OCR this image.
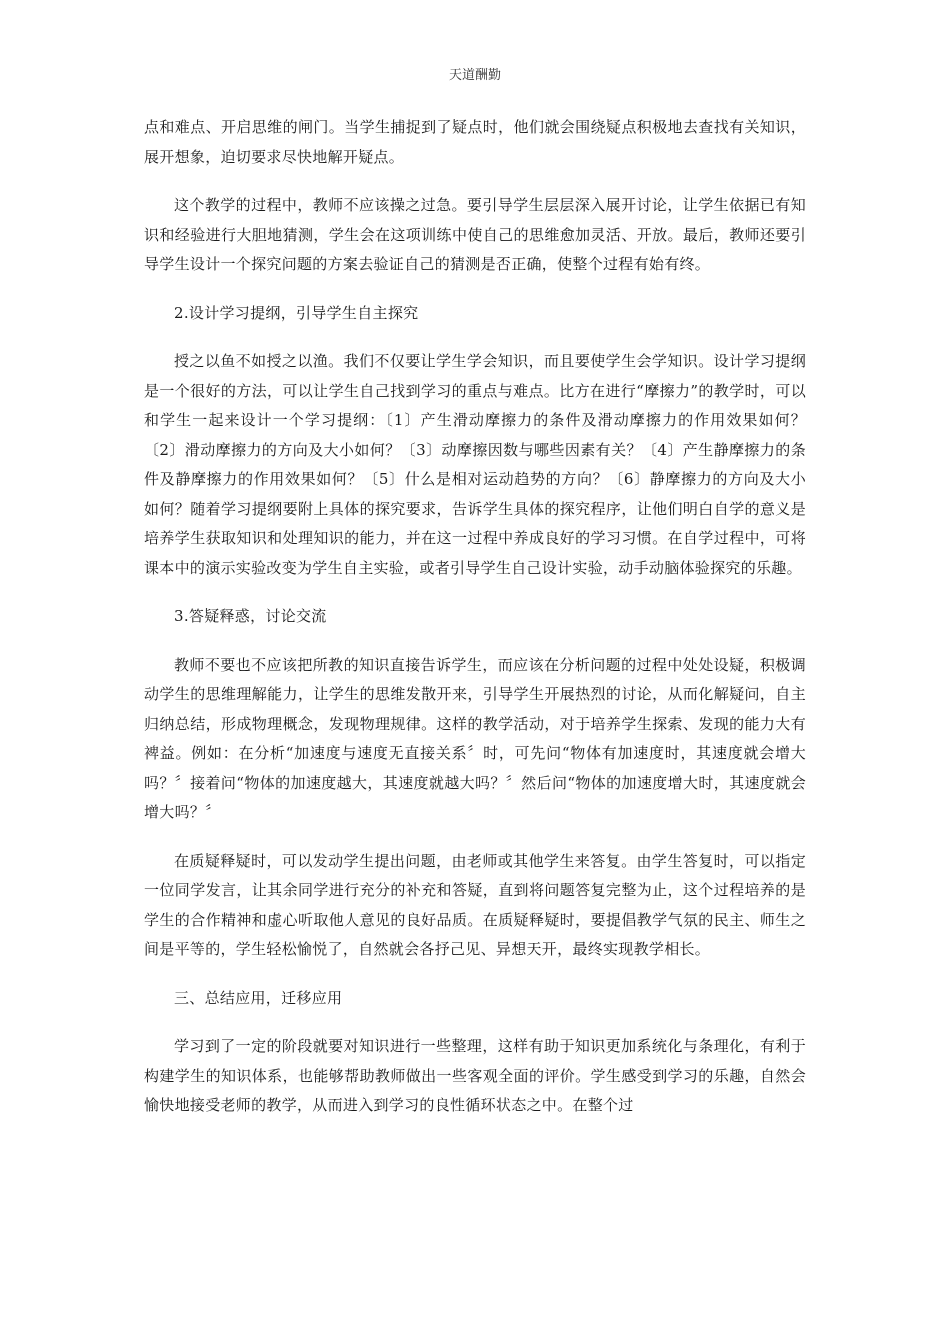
天道酬勤

点和难点、开启思维的闸门。当学生捕捉到了疑点时，他们就会围绕疑点积极地去查找有关知识，展开想象，迫切要求尽快地解开疑点。

这个教学的过程中，教师不应该操之过急。要引导学生层层深入展开讨论，让学生依据已有知识和经验进行大胆地猜测，学生会在这项训练中使自己的思维愈加灵活、开放。最后，教师还要引导学生设计一个探究问题的方案去验证自己的猜测是否正确，使整个过程有始有终。

2.设计学习提纲，引导学生自主探究

授之以鱼不如授之以渔。我们不仅要让学生学会知识，而且要使学生会学知识。设计学习提纲是一个很好的方法，可以让学生自己找到学习的重点与难点。比方在进行“摩擦力”的教学时，可以和学生一起来设计一个学习提纲：〔1〕产生滑动摩擦力的条件及滑动摩擦力的作用效果如何？〔2〕滑动摩擦力的方向及大小如何？〔3〕动摩擦因数与哪些因素有关？〔4〕产生静摩擦力的条件及静摩擦力的作用效果如何？〔5〕什么是相对运动趋势的方向？〔6〕静摩擦力的方向及大小如何？随着学习提纲要附上具体的探究要求，告诉学生具体的探究程序，让他们明白自学的意义是培养学生获取知识和处理知识的能力，并在这一过程中养成良好的学习习惯。在自学过程中，可将课本中的演示实验改变为学生自主实验，或者引导学生自己设计实验，动手动脑体验探究的乐趣。

3.答疑释惑，讨论交流

教师不要也不应该把所教的知识直接告诉学生，而应该在分析问题的过程中处处设疑，积极调动学生的思维理解能力，让学生的思维发散开来，引导学生开展热烈的讨论，从而化解疑问，自主归纳总结，形成物理概念，发现物理规律。这样的教学活动，对于培养学生探索、发现的能力大有裨益。例如：在分析“加速度与速度无直接关系〞时，可先问“物体有加速度时，其速度就会增大吗？〞接着问“物体的加速度越大，其速度就越大吗？〞然后问“物体的加速度增大时，其速度就会增大吗？〞

在质疑释疑时，可以发动学生提出问题，由老师或其他学生来答复。由学生答复时，可以指定一位同学发言，让其余同学进行充分的补充和答疑，直到将问题答复完整为止，这个过程培养的是学生的合作精神和虚心听取他人意见的良好品质。在质疑释疑时，要提倡教学气氛的民主、师生之间是平等的，学生轻松愉悦了，自然就会各抒己见、异想天开，最终实现教学相长。

三、总结应用，迁移应用

学习到了一定的阶段就要对知识进行一些整理，这样有助于知识更加系统化与条理化，有利于构建学生的知识体系，也能够帮助教师做出一些客观全面的评价。学生感受到学习的乐趣，自然会愉快地接受老师的教学，从而进入到学习的良性循环状态之中。在整个过
